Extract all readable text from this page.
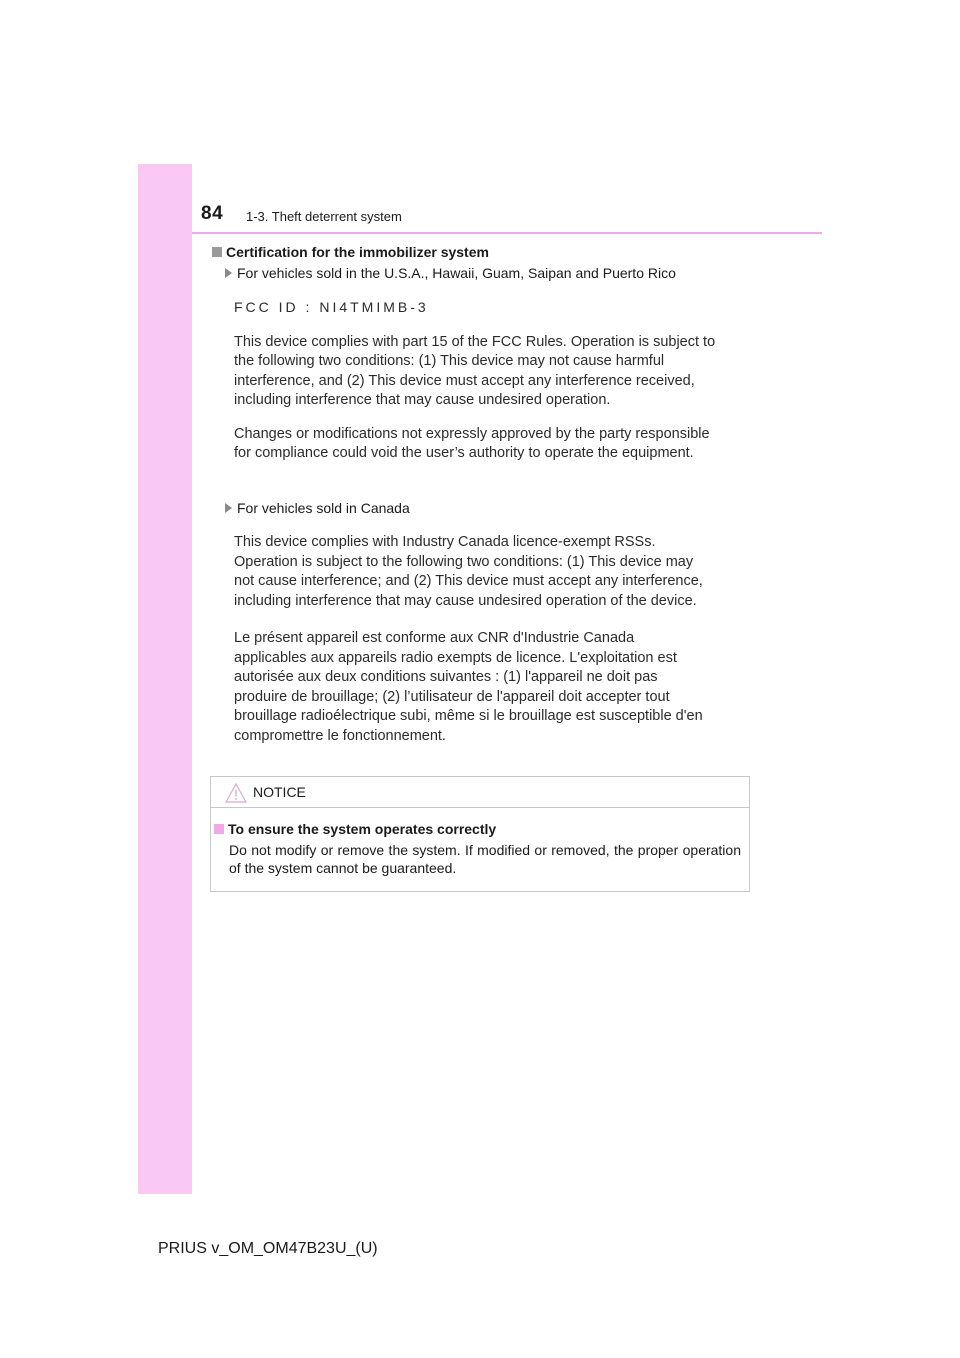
84 1-3. Theft deterrent system
Certification for the immobilizer system
For vehicles sold in the U.S.A., Hawaii, Guam, Saipan and Puerto Rico

FCC ID : NI4TMIMB-3

This device complies with part 15 of the FCC Rules. Operation is subject to the following two conditions: (1) This device may not cause harmful interference, and (2) This device must accept any interference received, including interference that may cause undesired operation.

Changes or modifications not expressly approved by the party responsible for compliance could void the user’s authority to operate the equipment.

For vehicles sold in Canada

This device complies with Industry Canada licence-exempt RSSs. Operation is subject to the following two conditions: (1) This device may not cause interference; and (2) This device must accept any interference, including interference that may cause undesired operation of the device.

Le présent appareil est conforme aux CNR d'Industrie Canada applicables aux appareils radio exempts de licence. L'exploitation est autorisée aux deux conditions suivantes : (1) l'appareil ne doit pas produire de brouillage; (2) l’utilisateur de l'appareil doit accepter tout brouillage radioélectrique subi, même si le brouillage est susceptible d'en compromettre le fonctionnement.

NOTICE
To ensure the system operates correctly
Do not modify or remove the system. If modified or removed, the proper operation of the system cannot be guaranteed.
PRIUS v_OM_OM47B23U_(U)
